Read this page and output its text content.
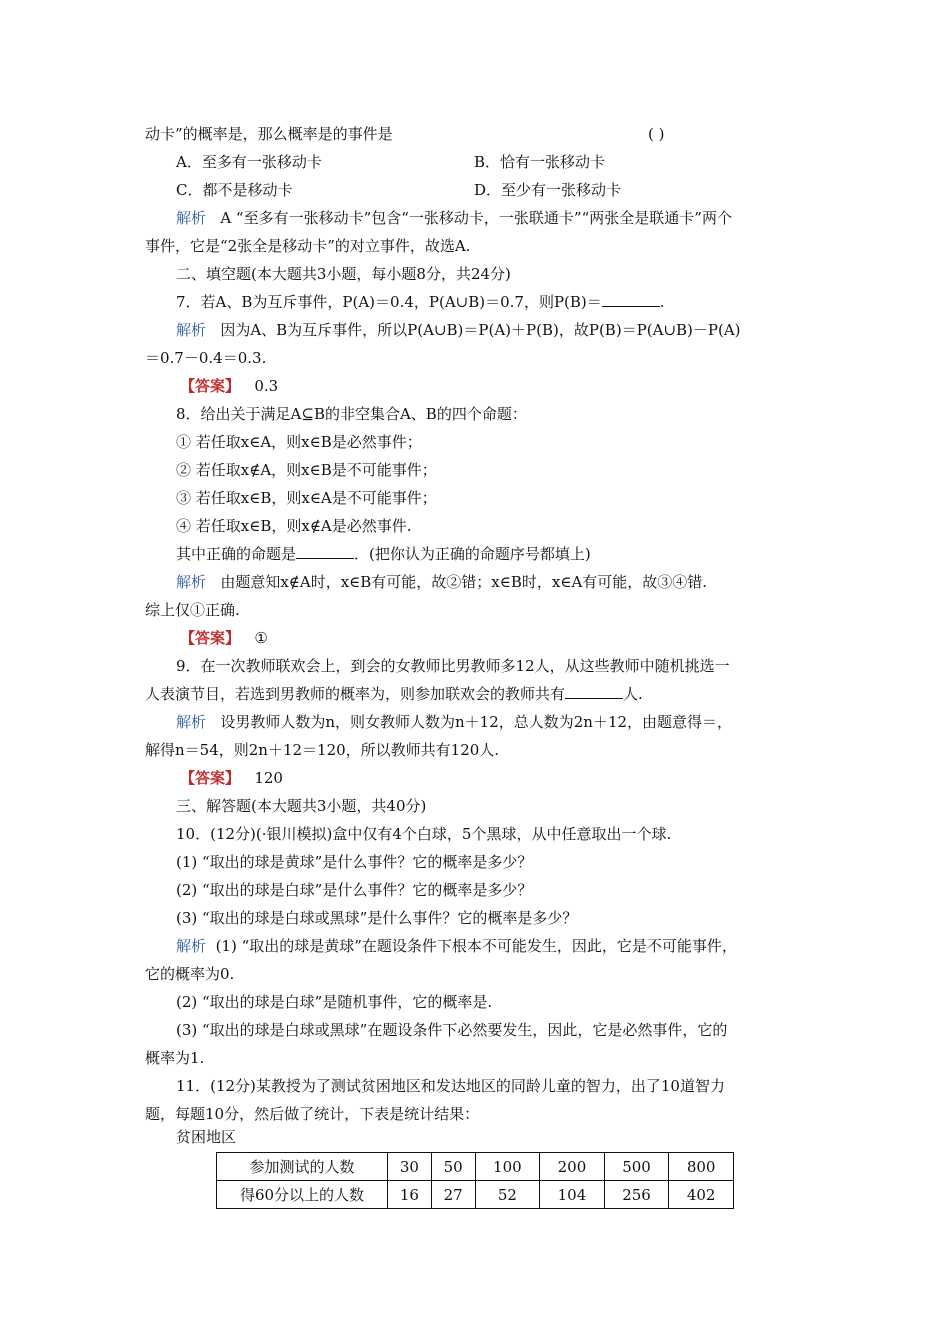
动卡”的概率是，那么概率是的事件是	( )
A．至多有一张移动卡	B．恰有一张移动卡
C．都不是移动卡	D．至少有一张移动卡
解析 A “至多有一张移动卡”包含“一张移动卡，一张联通卡”“两张全是联通卡”两个
事件，它是“2张全是移动卡”的对立事件，故选A.
二、填空题(本大题共3小题，每小题8分，共24分)
7．若A、B为互斥事件，P(A)＝0.4，P(A∪B)＝0.7，则P(B)＝	.
解析 因为A、B为互斥事件，所以P(A∪B)＝P(A)＋P(B)，故P(B)＝P(A∪B)－P(A)
＝0.7－0.4＝0.3.
【答案】 0.3
8．给出关于满足A⊆B的非空集合A、B的四个命题：
① 若任取x∈A，则x∈B是必然事件；
② 若任取x∉A，则x∈B是不可能事件；
③ 若任取x∈B，则x∈A是不可能事件；
④ 若任取x∈B，则x∉A是必然事件.
其中正确的命题是	．(把你认为正确的命题序号都填上)
解析 由题意知x∉A时，x∈B有可能，故②错；x∈B时，x∈A有可能，故③④错.
综上仅①正确.
【答案】 ①
9．在一次教师联欢会上，到会的女教师比男教师多12人，从这些教师中随机挑选一
人表演节目，若选到男教师的概率为，则参加联欢会的教师共有	人.
解析 设男教师人数为n，则女教师人数为n＋12，总人数为2n＋12，由题意得＝，
解得n＝54，则2n＋12＝120，所以教师共有120人.
【答案】 120
三、解答题(本大题共3小题，共40分)
10．(12分)(·银川模拟)盒中仅有4个白球，5个黑球，从中任意取出一个球.
(1) “取出的球是黄球”是什么事件？它的概率是多少？
(2) “取出的球是白球”是什么事件？它的概率是多少？
(3) “取出的球是白球或黑球”是什么事件？它的概率是多少？
解析 (1) “取出的球是黄球”在题设条件下根本不可能发生，因此，它是不可能事件，
它的概率为0.
(2) “取出的球是白球”是随机事件，它的概率是.
(3) “取出的球是白球或黑球”在题设条件下必然要发生，因此，它是必然事件，它的
概率为1.
11．(12分)某教授为了测试贫困地区和发达地区的同龄儿童的智力，出了10道智力
题，每题10分，然后做了统计，下表是统计结果：
贫困地区
参加测试的人数	30	50	100	200	500	800
得60分以上的人数	16	27	52	104	256	402
